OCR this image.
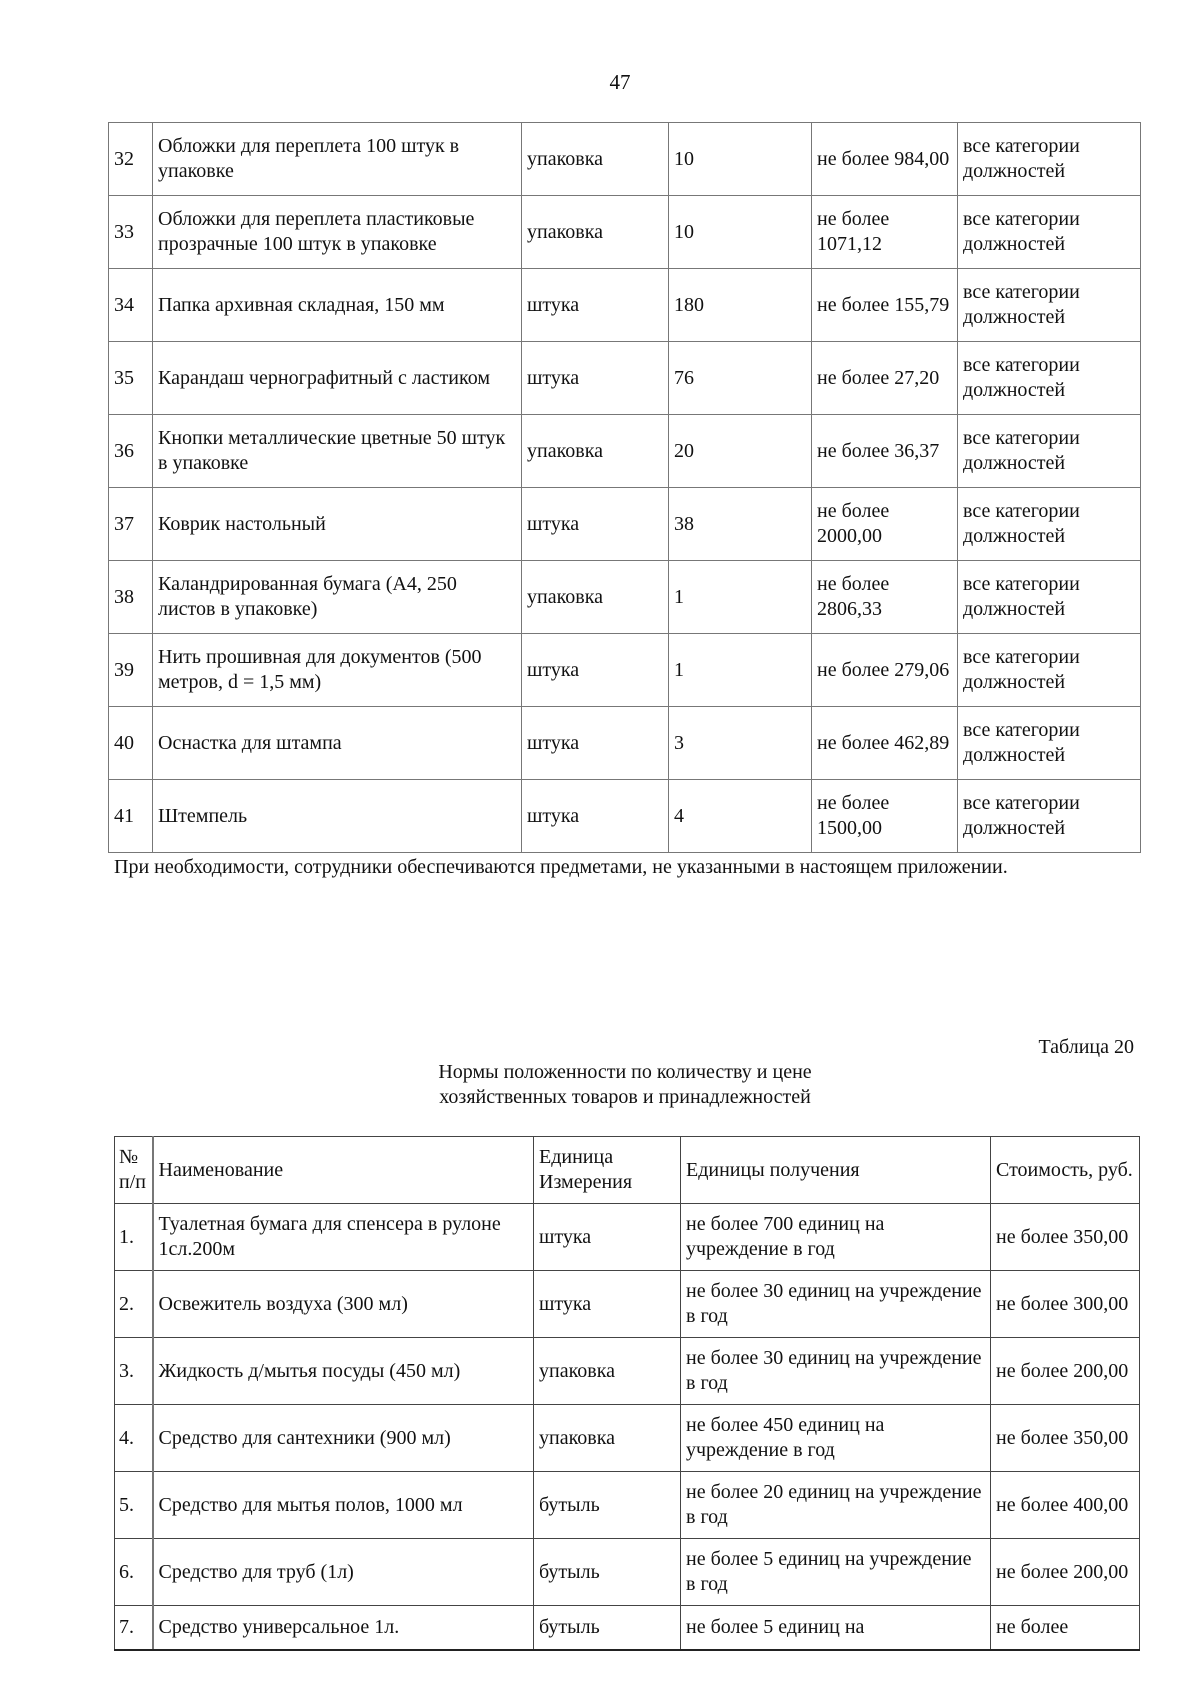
47
32	Обложки для переплета 100 штук в упаковке	упаковка	10	не более 984,00	все категории должностей
33	Обложки для переплета пластиковые прозрачные 100 штук в упаковке	упаковка	10	не более 1071,12	все категории должностей
34	Папка архивная складная, 150 мм	штука	180	не более 155,79	все категории должностей
35	Карандаш чернографитный с ластиком	штука	76	не более 27,20	все категории должностей
36	Кнопки металлические цветные 50 штук в упаковке	упаковка	20	не более 36,37	все категории должностей
37	Коврик настольный	штука	38	не более 2000,00	все категории должностей
38	Каландрированная бумага (А4, 250 листов в упаковке)	упаковка	1	не более 2806,33	все категории должностей
39	Нить прошивная для документов (500 метров, d = 1,5 мм)	штука	1	не более 279,06	все категории должностей
40	Оснастка для штампа	штука	3	не более 462,89	все категории должностей
41	Штемпель	штука	4	не более 1500,00	все категории должностей
При необходимости, сотрудники обеспечиваются предметами, не указанными в настоящем приложении.
Таблица 20
Нормы положенности по количеству и цене
хозяйственных товаров и принадлежностей
№ п/п	Наименование	Единица Измерения	Единицы получения	Стоимость, руб.
1.	Туалетная бумага для спенсера в рулоне 1сл.200м	штука	не более 700 единиц на учреждение в год	не более 350,00
2.	Освежитель воздуха (300 мл)	штука	не более 30 единиц на учреждение в год	не более 300,00
3.	Жидкость д/мытья посуды (450 мл)	упаковка	не более 30 единиц на учреждение в год	не более 200,00
4.	Средство для сантехники (900 мл)	упаковка	не более 450 единиц на учреждение в год	не более 350,00
5.	Средство для мытья полов, 1000 мл	бутыль	не более 20 единиц на учреждение в год	не более 400,00
6.	Средство для труб (1л)	бутыль	не более 5 единиц на учреждение в год	не более 200,00
7.	Средство универсальное 1л.	бутыль	не более 5 единиц на	не более
